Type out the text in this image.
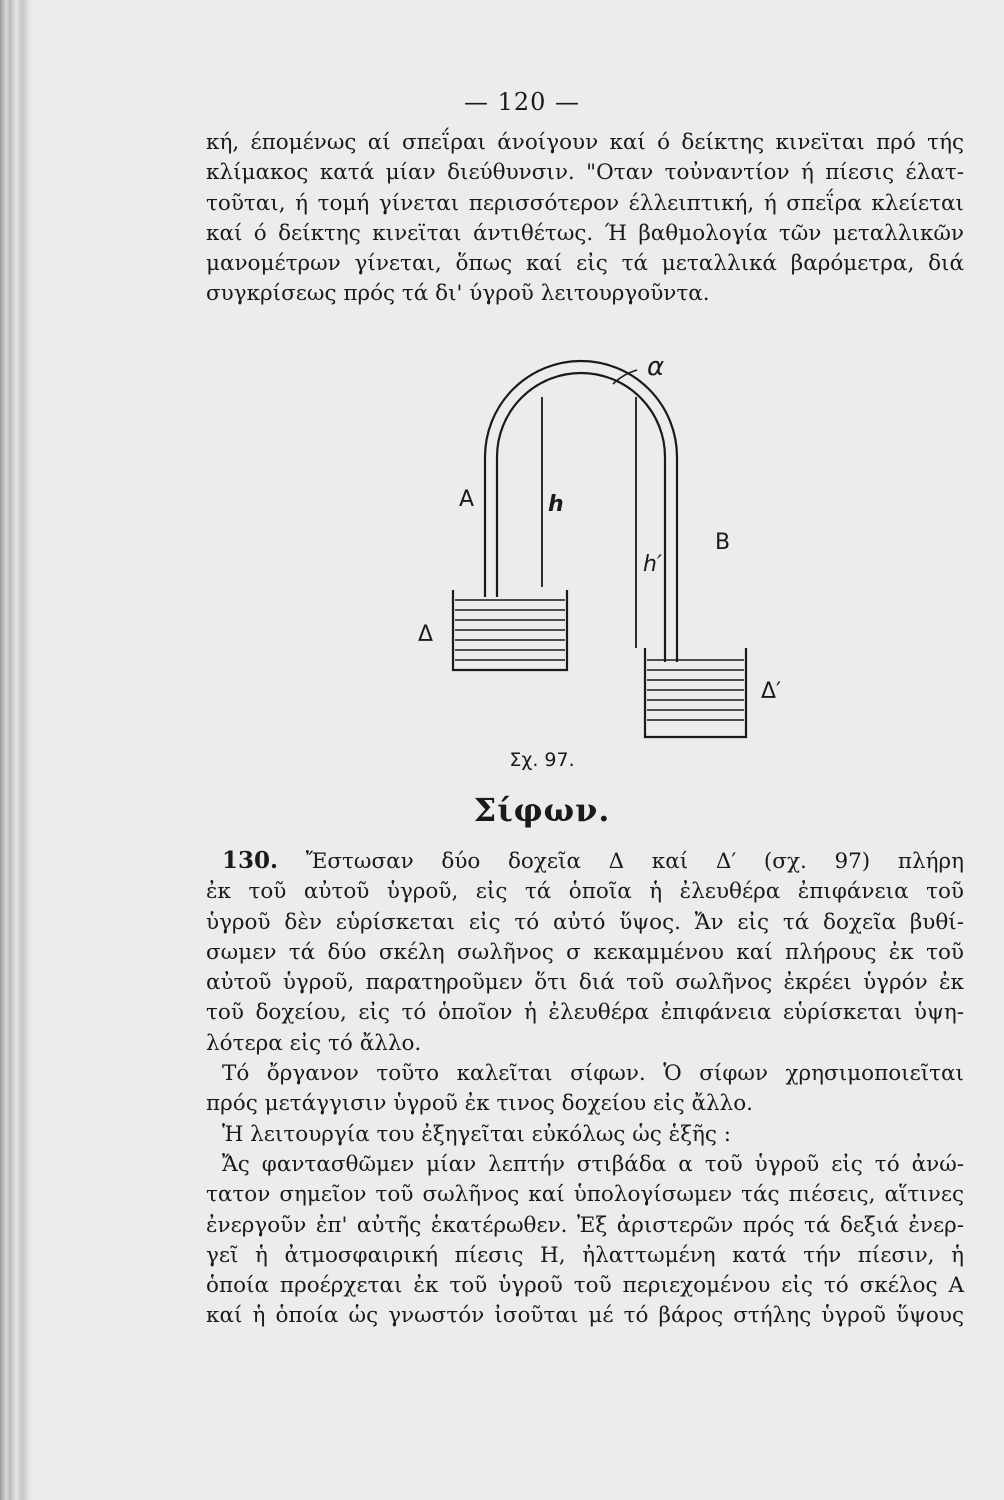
— 120 —
κή, έπομένως αί σπεΐραι άνοίγουν καί ό δείκτης κινεϊται πρό τής
κλίμακος κατά μίαν διεύθυνσιν. "Οταν τοὐναντίον ή πίεσις έλατ-
τοῦται, ή τομή γίνεται περισσότερον έλλειπτική, ή σπεΐρα κλείεται
καί ό δείκτης κινεϊται άντιθέτως. Ή βαθμολογία τῶν μεταλλικῶν
μανομέτρων γίνεται, ὅπως καί εἰς τά μεταλλικά βαρόμετρα, διά
συγκρίσεως πρός τά δι' ύγροῦ λειτουργοῦντα.
α
A	h
B
h′
Δ
Δ′
Σχ. 97.
Σίφων.
130. Ἔστωσαν δύο δοχεῖα Δ καί Δ′ (σχ. 97) πλήρη
ἐκ τοῦ αὐτοῦ ὑγροῦ, εἰς τά ὁποῖα ἡ ἐλευθέρα ἐπιφάνεια τοῦ
ὑγροῦ δὲν εὑρίσκεται εἰς τό αὐτό ὕψος. Ἄν εἰς τά δοχεῖα βυθί-
σωμεν τά δύο σκέλη σωλῆνος σ κεκαμμένου καί πλήρους ἐκ τοῦ
αὐτοῦ ὑγροῦ, παρατηροῦμεν ὅτι διά τοῦ σωλῆνος ἐκρέει ὑγρόν ἐκ
τοῦ δοχείου, εἰς τό ὁποῖον ἡ ἐλευθέρα ἐπιφάνεια εὑρίσκεται ὑψη-
λότερα εἰς τό ἄλλο.
Τό ὄργανον τοῦτο καλεῖται σίφων. Ὁ σίφων χρησιμοποιεῖται
πρός μετάγγισιν ὑγροῦ ἐκ τινος δοχείου εἰς ἄλλο.
Ἡ λειτουργία του ἐξηγεῖται εὐκόλως ὡς ἑξῆς :
Ἄς φαντασθῶμεν μίαν λεπτήν στιβάδα α τοῦ ὑγροῦ εἰς τό ἀνώ-
τατον σημεῖον τοῦ σωλῆνος καί ὑπολογίσωμεν τάς πιέσεις, αἵτινες
ἐνεργοῦν ἐπ' αὐτῆς ἑκατέρωθεν. Ἐξ ἀριστερῶν πρός τά δεξιά ἐνερ-
γεῖ ἡ ἀτμοσφαιρική πίεσις Η, ἠλαττωμένη κατά τήν πίεσιν, ἡ
ὁποία προέρχεται ἐκ τοῦ ὑγροῦ τοῦ περιεχομένου εἰς τό σκέλος Α
καί ἡ ὁποία ὡς γνωστόν ἰσοῦται μέ τό βάρος στήλης ὑγροῦ ὕψους
